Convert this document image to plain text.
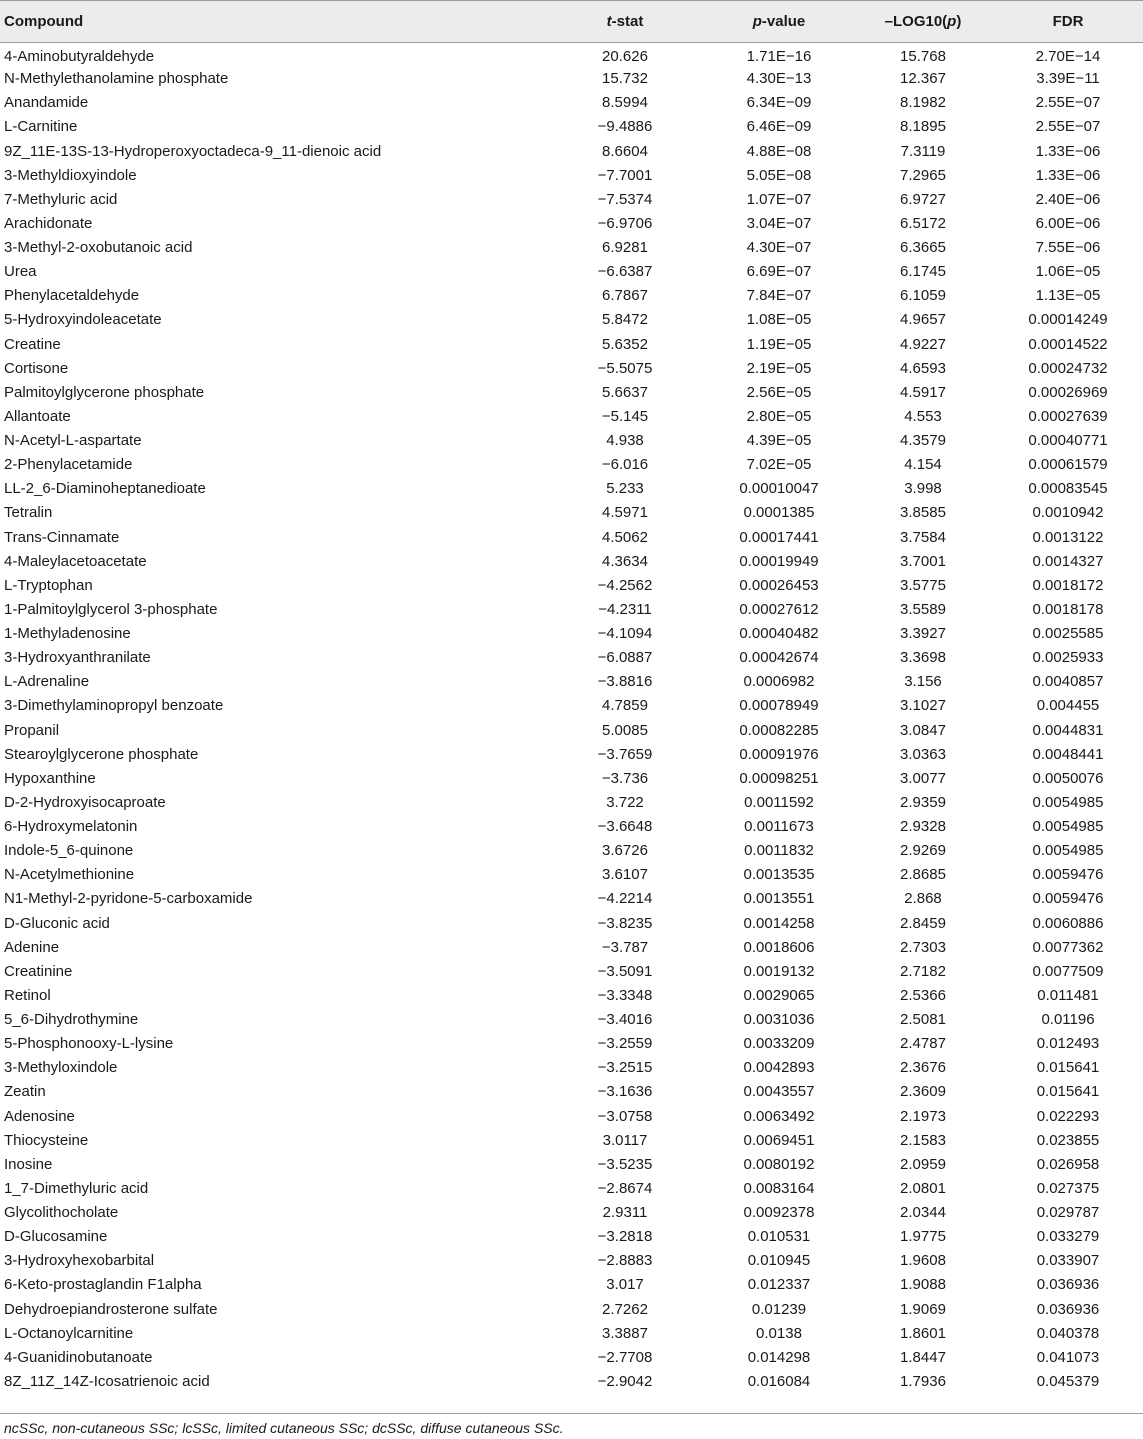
Compound	t-stat	p-value	–LOG10(p)	FDR
4-Aminobutyraldehyde	20.626	1.71E−16	15.768	2.70E−14
N-Methylethanolamine phosphate	15.732	4.30E−13	12.367	3.39E−11
Anandamide	8.5994	6.34E−09	8.1982	2.55E−07
L-Carnitine	−9.4886	6.46E−09	8.1895	2.55E−07
9Z_11E-13S-13-Hydroperoxyoctadeca-9_11-dienoic acid	8.6604	4.88E−08	7.3119	1.33E−06
3-Methyldioxyindole	−7.7001	5.05E−08	7.2965	1.33E−06
7-Methyluric acid	−7.5374	1.07E−07	6.9727	2.40E−06
Arachidonate	−6.9706	3.04E−07	6.5172	6.00E−06
3-Methyl-2-oxobutanoic acid	6.9281	4.30E−07	6.3665	7.55E−06
Urea	−6.6387	6.69E−07	6.1745	1.06E−05
Phenylacetaldehyde	6.7867	7.84E−07	6.1059	1.13E−05
5-Hydroxyindoleacetate	5.8472	1.08E−05	4.9657	0.00014249
Creatine	5.6352	1.19E−05	4.9227	0.00014522
Cortisone	−5.5075	2.19E−05	4.6593	0.00024732
Palmitoylglycerone phosphate	5.6637	2.56E−05	4.5917	0.00026969
Allantoate	−5.145	2.80E−05	4.553	0.00027639
N-Acetyl-L-aspartate	4.938	4.39E−05	4.3579	0.00040771
2-Phenylacetamide	−6.016	7.02E−05	4.154	0.00061579
LL-2_6-Diaminoheptanedioate	5.233	0.00010047	3.998	0.00083545
Tetralin	4.5971	0.0001385	3.8585	0.0010942
Trans-Cinnamate	4.5062	0.00017441	3.7584	0.0013122
4-Maleylacetoacetate	4.3634	0.00019949	3.7001	0.0014327
L-Tryptophan	−4.2562	0.00026453	3.5775	0.0018172
1-Palmitoylglycerol 3-phosphate	−4.2311	0.00027612	3.5589	0.0018178
1-Methyladenosine	−4.1094	0.00040482	3.3927	0.0025585
3-Hydroxyanthranilate	−6.0887	0.00042674	3.3698	0.0025933
L-Adrenaline	−3.8816	0.0006982	3.156	0.0040857
3-Dimethylaminopropyl benzoate	4.7859	0.00078949	3.1027	0.004455
Propanil	5.0085	0.00082285	3.0847	0.0044831
Stearoylglycerone phosphate	−3.7659	0.00091976	3.0363	0.0048441
Hypoxanthine	−3.736	0.00098251	3.0077	0.0050076
D-2-Hydroxyisocaproate	3.722	0.0011592	2.9359	0.0054985
6-Hydroxymelatonin	−3.6648	0.0011673	2.9328	0.0054985
Indole-5_6-quinone	3.6726	0.0011832	2.9269	0.0054985
N-Acetylmethionine	3.6107	0.0013535	2.8685	0.0059476
N1-Methyl-2-pyridone-5-carboxamide	−4.2214	0.0013551	2.868	0.0059476
D-Gluconic acid	−3.8235	0.0014258	2.8459	0.0060886
Adenine	−3.787	0.0018606	2.7303	0.0077362
Creatinine	−3.5091	0.0019132	2.7182	0.0077509
Retinol	−3.3348	0.0029065	2.5366	0.011481
5_6-Dihydrothymine	−3.4016	0.0031036	2.5081	0.01196
5-Phosphonooxy-L-lysine	−3.2559	0.0033209	2.4787	0.012493
3-Methyloxindole	−3.2515	0.0042893	2.3676	0.015641
Zeatin	−3.1636	0.0043557	2.3609	0.015641
Adenosine	−3.0758	0.0063492	2.1973	0.022293
Thiocysteine	3.0117	0.0069451	2.1583	0.023855
Inosine	−3.5235	0.0080192	2.0959	0.026958
1_7-Dimethyluric acid	−2.8674	0.0083164	2.0801	0.027375
Glycolithocholate	2.9311	0.0092378	2.0344	0.029787
D-Glucosamine	−3.2818	0.010531	1.9775	0.033279
3-Hydroxyhexobarbital	−2.8883	0.010945	1.9608	0.033907
6-Keto-prostaglandin F1alpha	3.017	0.012337	1.9088	0.036936
Dehydroepiandrosterone sulfate	2.7262	0.01239	1.9069	0.036936
L-Octanoylcarnitine	3.3887	0.0138	1.8601	0.040378
4-Guanidinobutanoate	−2.7708	0.014298	1.8447	0.041073
8Z_11Z_14Z-Icosatrienoic acid	−2.9042	0.016084	1.7936	0.045379
ncSSc, non-cutaneous SSc; lcSSc, limited cutaneous SSc; dcSSc, diffuse cutaneous SSc.
